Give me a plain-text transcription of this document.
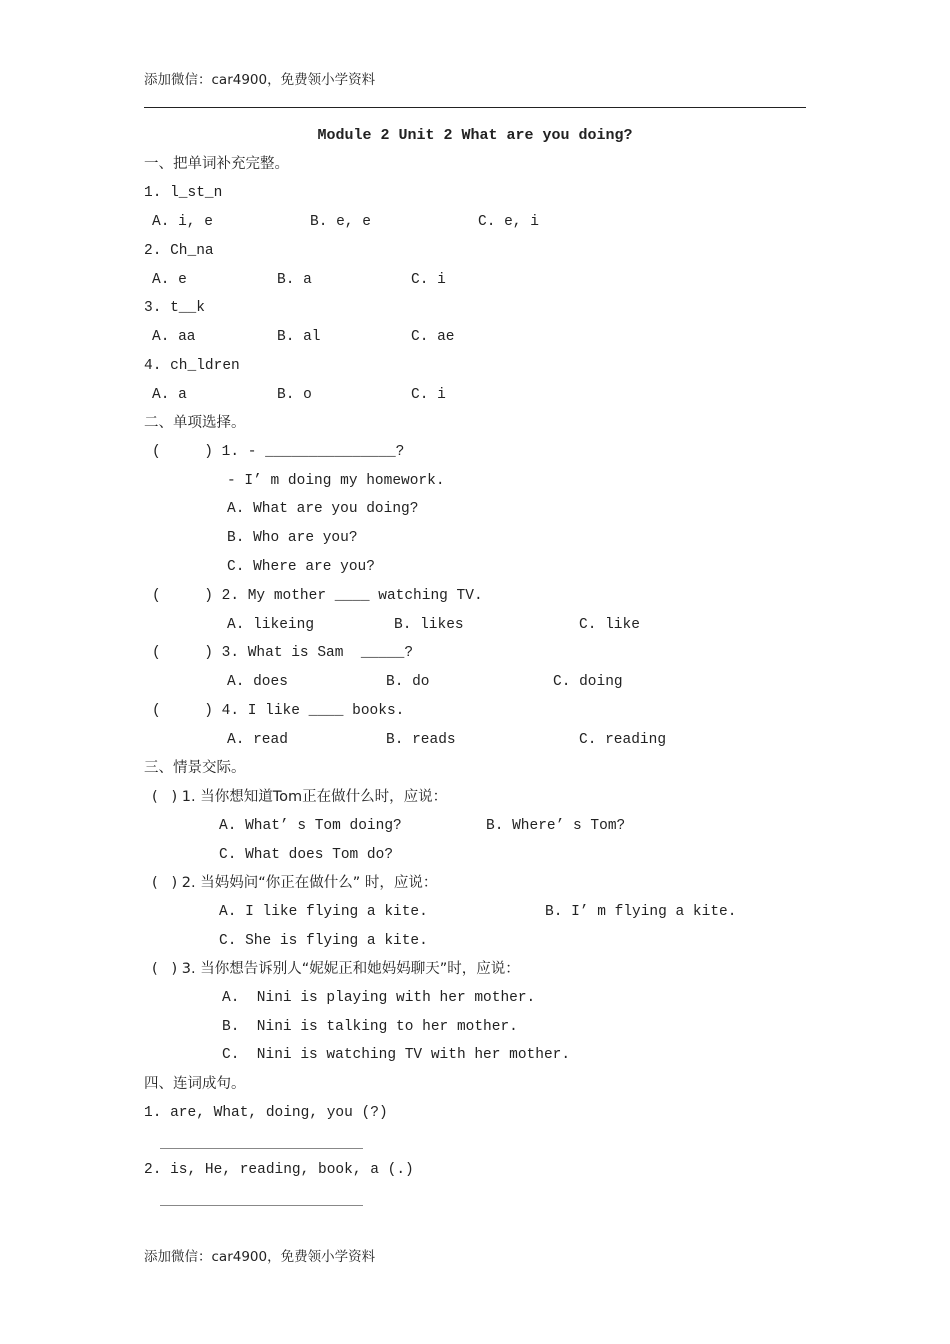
添加微信：car4900，免费领小学资料
Module 2 Unit 2 What are you doing?
一、把单词补充完整。
1. l_st_n
A. i, e	B. e, e	C. e, i
2. Ch_na
A. e	B. a	C. i
3. t__k
A. aa	B. al	C. ae
4. ch_ldren
A. a	B. o	C. i
二、单项选择。
(     ) 1. - _______________?
- I’ m doing my homework.
A. What are you doing?
B. Who are you?
C. Where are you?
(     ) 2. My mother ____ watching TV.
A. likeing	B. likes	C. like
(     ) 3. What is Sam  _____?
A. does	B. do	C. doing
(     ) 4. I like ____ books.
A. read	B. reads	C. reading
三、情景交际。
(   ) 1. 当你想知道Tom正在做什么时，应说：
A. What’ s Tom doing?	B. Where’ s Tom?
C. What does Tom do?
(   ) 2. 当妈妈问“你正在做什么” 时，应说：
A. I like flying a kite.	B. I’ m flying a kite.
C. She is flying a kite.
(   ) 3. 当你想告诉别人“妮妮正和她妈妈聊天”时，应说：
A.  Nini is playing with her mother.
B.  Nini is talking to her mother.
C.  Nini is watching TV with her mother.
四、连词成句。
1. are, What, doing, you (?)
2. is, He, reading, book, a (.)
添加微信：car4900，免费领小学资料
